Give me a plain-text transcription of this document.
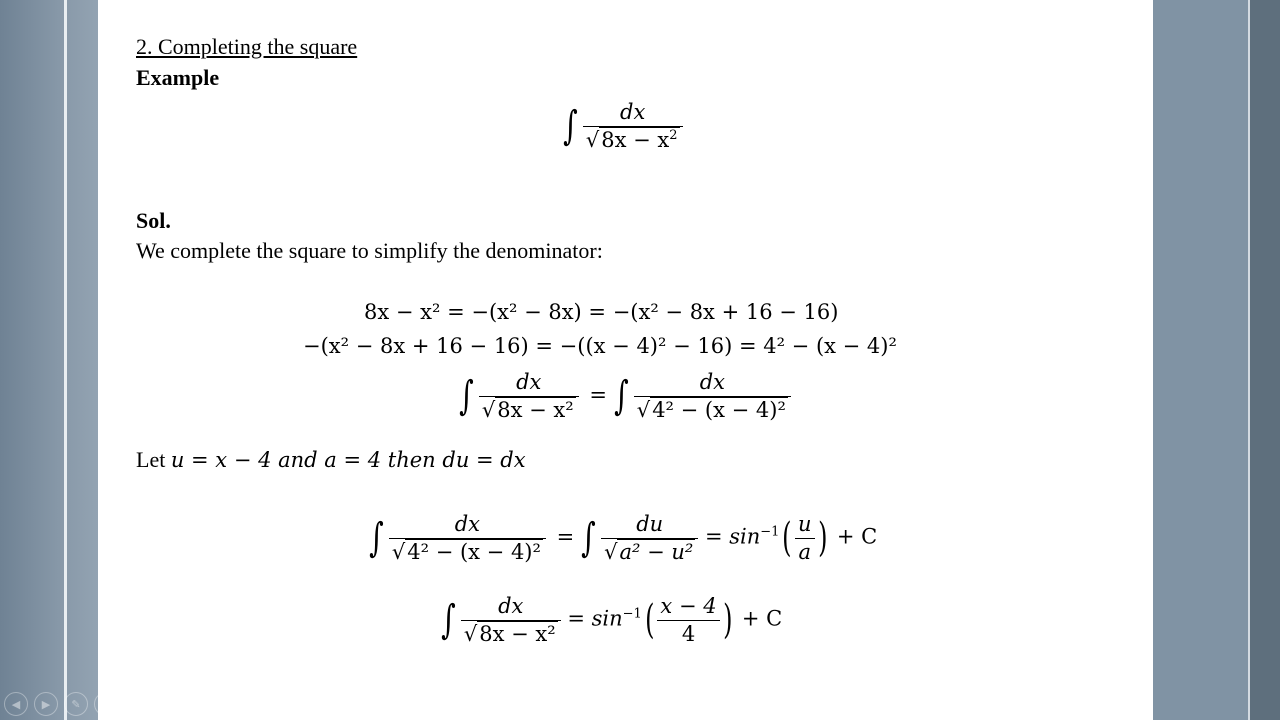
2. Completing the square
Example
∫ $\frac{dx}{√8x - x^2}$
Sol.
We complete the square to simplify the denominator:
8x − x² = −(x² − 8x) = −(x² − 8x + 16 − 16)
−(x² − 8x + 16 − 16) = −((x − 4)² − 16) = 4² − (x − 4)²
∫ $\frac{dx}{\text{√8x − x²}}$ = ∫ $\frac{dx}{\text{√4² − (x − 4)²}}$
Let u = x − 4 and a = 4 then du = dx
∫ $\frac{dx}{\text{√4² − (x − 4)²}}$ = ∫ $\frac{du}{\text{√a² − u²}} = \sin^{-1}( \frac{u}{a}$ ) + C
∫ $\frac{dx}{\text{√8x − x²}} = \sin^{-1}( \frac{x - 4}{4}$ ) + C
◀	▶	✎	▦	⚲	⋯
